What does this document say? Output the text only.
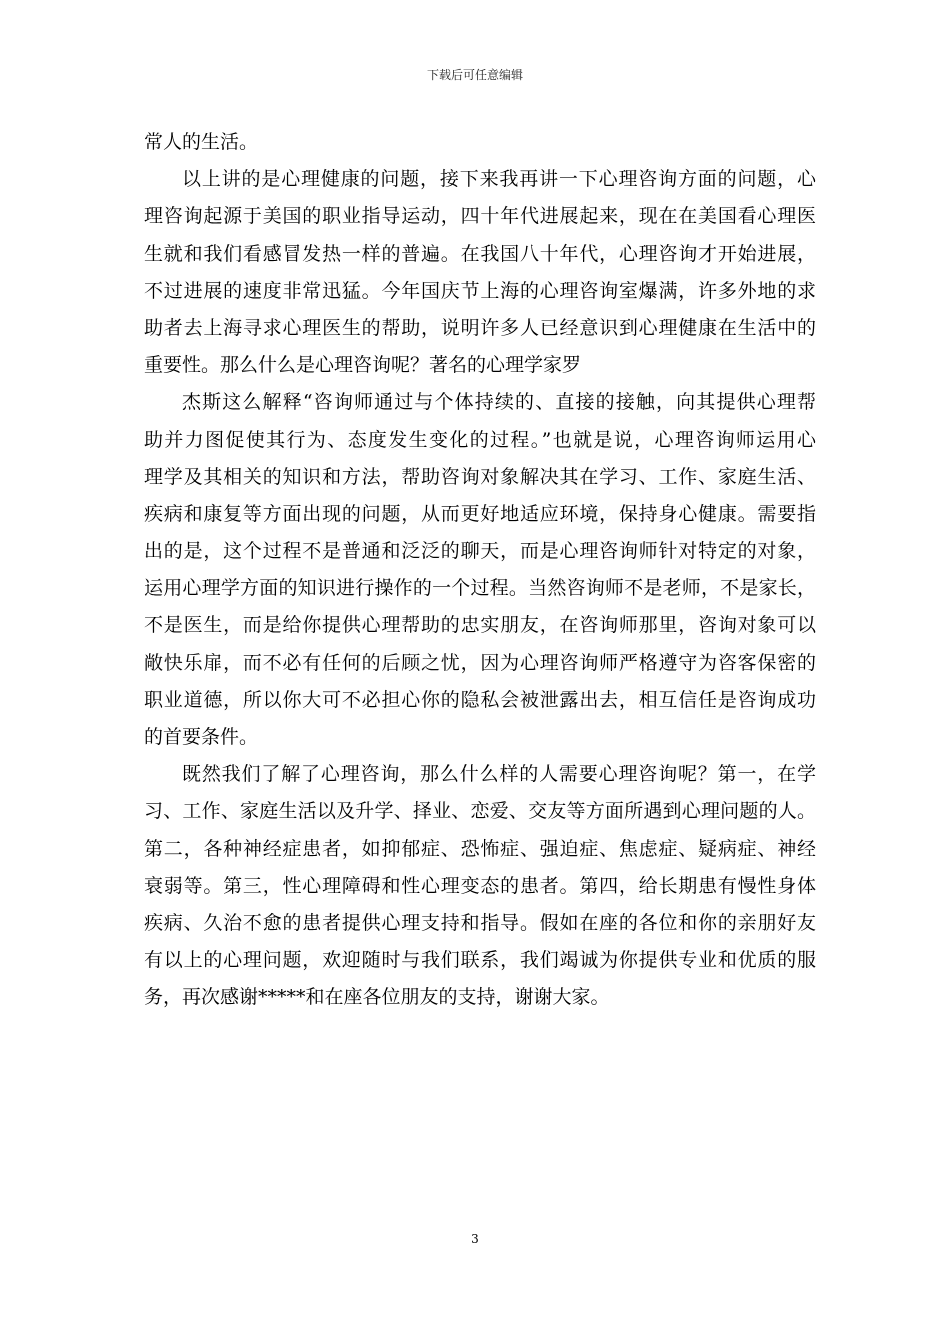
下载后可任意编辑
常人的生活。
以上讲的是心理健康的问题，接下来我再讲一下心理咨询方面的问题，心
理咨询起源于美国的职业指导运动，四十年代进展起来，现在在美国看心理医
生就和我们看感冒发热一样的普遍。在我国八十年代，心理咨询才开始进展，
不过进展的速度非常迅猛。今年国庆节上海的心理咨询室爆满，许多外地的求
助者去上海寻求心理医生的帮助，说明许多人已经意识到心理健康在生活中的
重要性。那么什么是心理咨询呢？著名的心理学家罗
杰斯这么解释“咨询师通过与个体持续的、直接的接触，向其提供心理帮
助并力图促使其行为、态度发生变化的过程。”也就是说，心理咨询师运用心
理学及其相关的知识和方法，帮助咨询对象解决其在学习、工作、家庭生活、
疾病和康复等方面出现的问题，从而更好地适应环境，保持身心健康。需要指
出的是，这个过程不是普通和泛泛的聊天，而是心理咨询师针对特定的对象，
运用心理学方面的知识进行操作的一个过程。当然咨询师不是老师，不是家长，
不是医生，而是给你提供心理帮助的忠实朋友，在咨询师那里，咨询对象可以
敞快乐扉，而不必有任何的后顾之忧，因为心理咨询师严格遵守为咨客保密的
职业道德，所以你大可不必担心你的隐私会被泄露出去，相互信任是咨询成功
的首要条件。
既然我们了解了心理咨询，那么什么样的人需要心理咨询呢？第一，在学
习、工作、家庭生活以及升学、择业、恋爱、交友等方面所遇到心理问题的人。
第二，各种神经症患者，如抑郁症、恐怖症、强迫症、焦虑症、疑病症、神经
衰弱等。第三，性心理障碍和性心理变态的患者。第四，给长期患有慢性身体
疾病、久治不愈的患者提供心理支持和指导。假如在座的各位和你的亲朋好友
有以上的心理问题，欢迎随时与我们联系，我们竭诚为你提供专业和优质的服
务，再次感谢*****和在座各位朋友的支持，谢谢大家。
3
